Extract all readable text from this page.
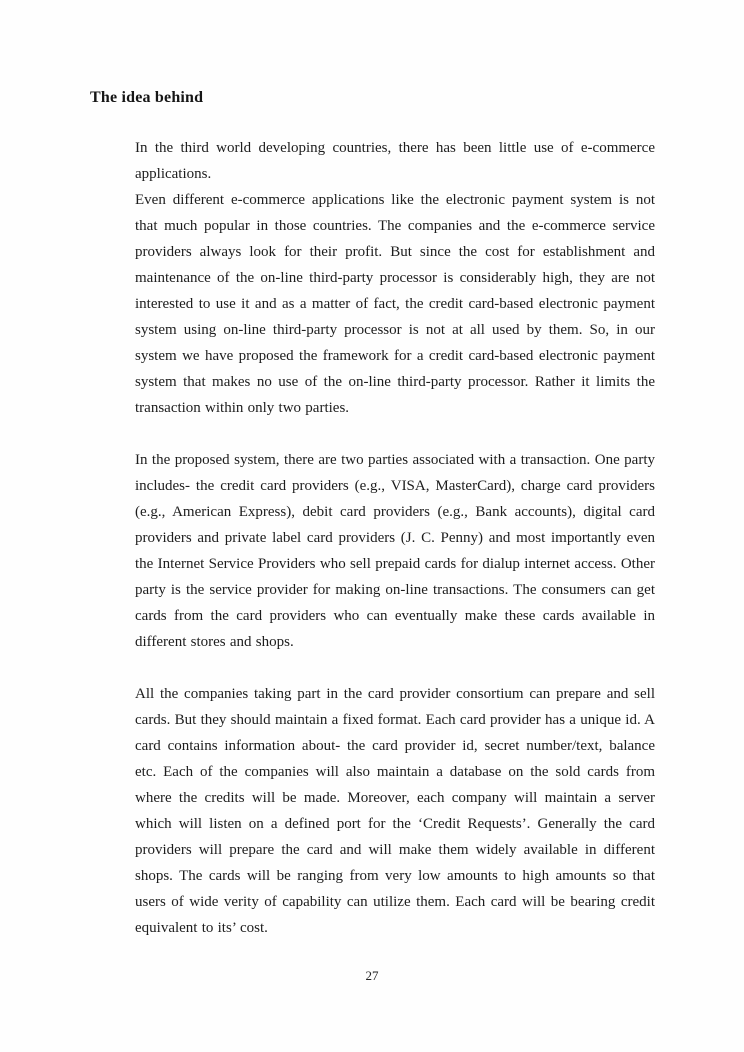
The idea behind

In the third world developing countries, there has been little use of e-commerce applications.

Even different e-commerce applications like the electronic payment system is not that much popular in those countries. The companies and the e-commerce service providers always look for their profit. But since the cost for establishment and maintenance of the on-line third-party processor is considerably high, they are not interested to use it and as a matter of fact, the credit card-based electronic payment system using on-line third-party processor is not at all used by them. So, in our system we have proposed the framework for a credit card-based electronic payment system that makes no use of the on-line third-party processor. Rather it limits the transaction within only two parties.

In the proposed system, there are two parties associated with a transaction. One party includes- the credit card providers (e.g., VISA, MasterCard), charge card providers (e.g., American Express), debit card providers (e.g., Bank accounts), digital card providers and private label card providers (J. C. Penny) and most importantly even the Internet Service Providers who sell prepaid cards for dialup internet access. Other party is the service provider for making on-line transactions. The consumers can get cards from the card providers who can eventually make these cards available in different stores and shops.

All the companies taking part in the card provider consortium can prepare and sell cards. But they should maintain a fixed format. Each card provider has a unique id. A card contains information about- the card provider id, secret number/text, balance etc. Each of the companies will also maintain a database on the sold cards from where the credits will be made. Moreover, each company will maintain a server which will listen on a defined port for the ‘Credit Requests’. Generally the card providers will prepare the card and will make them widely available in different shops. The cards will be ranging from very low amounts to high amounts so that users of wide verity of capability can utilize them. Each card will be bearing credit equivalent to its’ cost.

27
